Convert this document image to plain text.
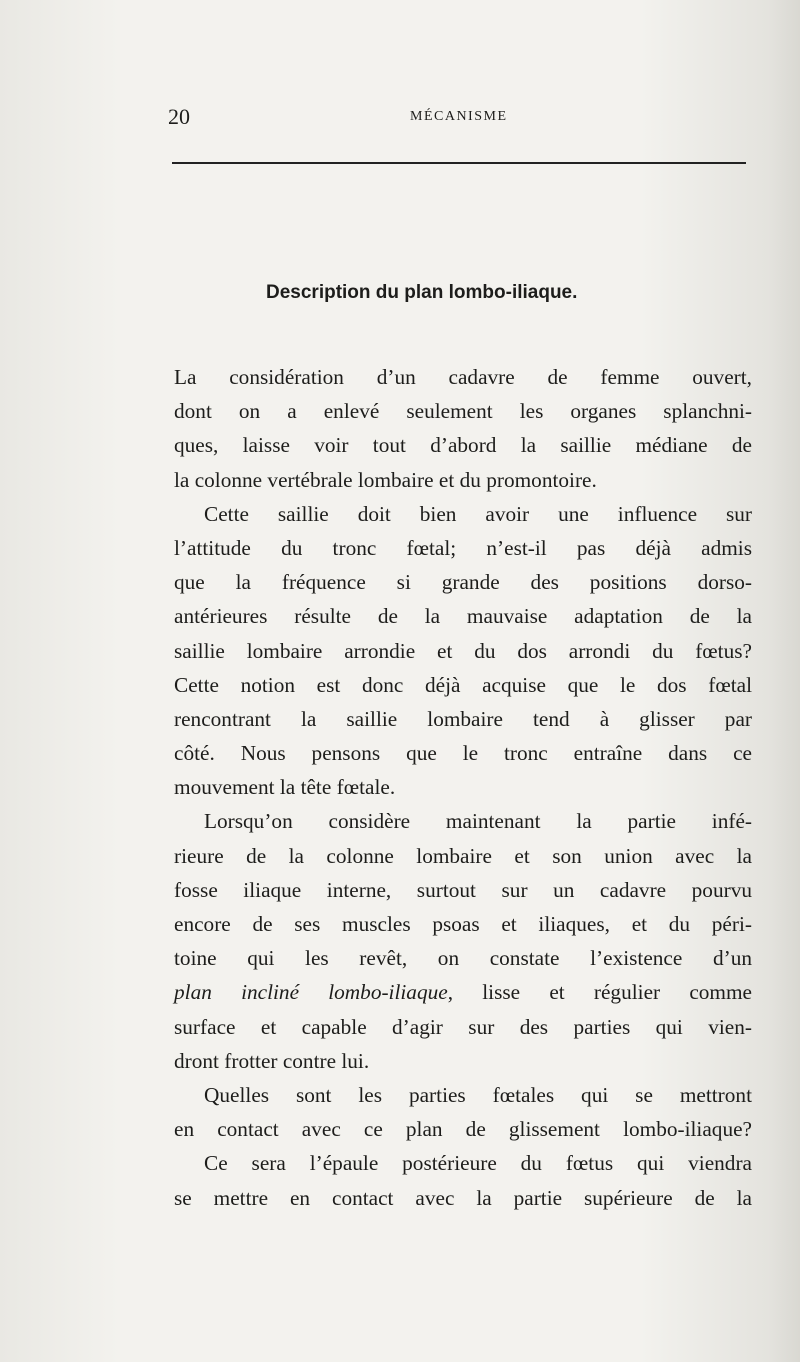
20	MÉCANISME
Description du plan lombo-iliaque.
La considération d’un cadavre de femme ouvert,
dont on a enlevé seulement les organes splanchni-
ques, laisse voir tout d’abord la saillie médiane de
la colonne vertébrale lombaire et du promontoire.
Cette saillie doit bien avoir une influence sur
l’attitude du tronc fœtal; n’est-il pas déjà admis
que la fréquence si grande des positions dorso-
antérieures résulte de la mauvaise adaptation de la
saillie lombaire arrondie et du dos arrondi du fœtus?
Cette notion est donc déjà acquise que le dos fœtal
rencontrant la saillie lombaire tend à glisser par
côté. Nous pensons que le tronc entraîne dans ce
mouvement la tête fœtale.
Lorsqu’on considère maintenant la partie infé-
rieure de la colonne lombaire et son union avec la
fosse iliaque interne, surtout sur un cadavre pourvu
encore de ses muscles psoas et iliaques, et du péri-
toine qui les revêt, on constate l’existence d’un
plan incliné lombo-iliaque, lisse et régulier comme
surface et capable d’agir sur des parties qui vien-
dront frotter contre lui.
Quelles sont les parties fœtales qui se mettront
en contact avec ce plan de glissement lombo-iliaque?
Ce sera l’épaule postérieure du fœtus qui viendra
se mettre en contact avec la partie supérieure de la
